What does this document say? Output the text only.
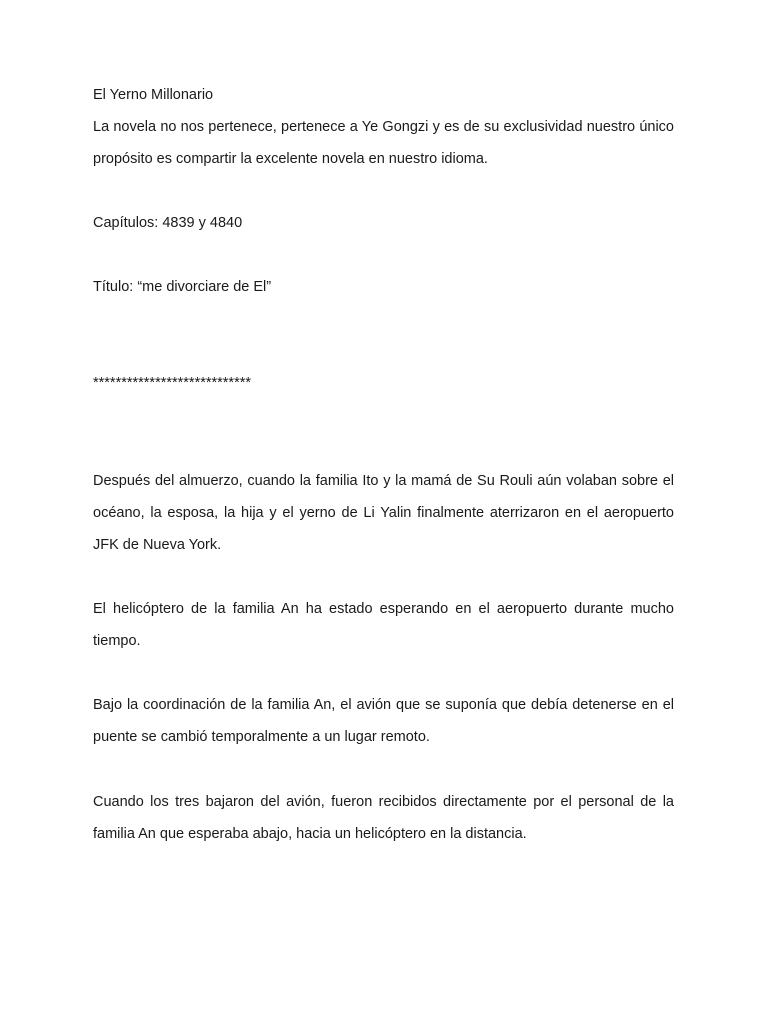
El Yerno Millonario

La novela no nos pertenece, pertenece a Ye Gongzi y es de su exclusividad nuestro único propósito es compartir la excelente novela en nuestro idioma.

Capítulos: 4839 y 4840

Título: “me divorciare de El”

****************************

Después del almuerzo, cuando la familia Ito y la mamá de Su Rouli aún volaban sobre el océano, la esposa, la hija y el yerno de Li Yalin finalmente aterrizaron en el aeropuerto JFK de Nueva York.

El helicóptero de la familia An ha estado esperando en el aeropuerto durante mucho tiempo.

Bajo la coordinación de la familia An, el avión que se suponía que debía detenerse en el puente se cambió temporalmente a un lugar remoto.

Cuando los tres bajaron del avión, fueron recibidos directamente por el personal de la familia An que esperaba abajo, hacia un helicóptero en la distancia.
